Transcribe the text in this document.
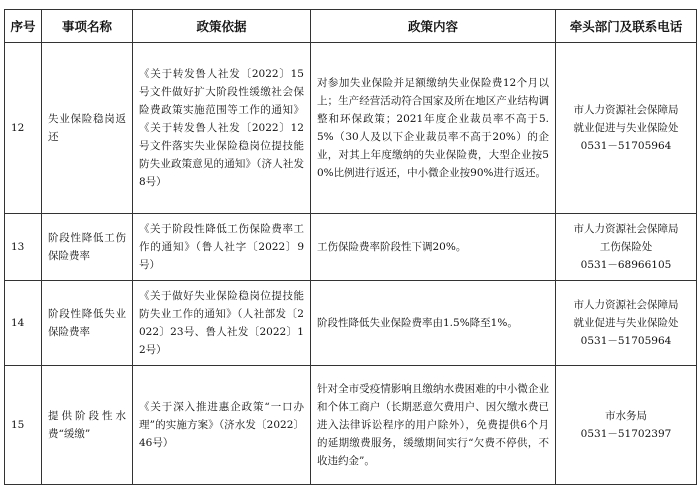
序号	事项名称	政策依据	政策内容	牵头部门及联系电话
12	失业保险稳岗返还	《关于转发鲁人社发〔2022〕15号文件做好扩大阶段性缓缴社会保险费政策实施范围等工作的通知》《关于转发鲁人社发〔2022〕12号文件落实失业保险稳岗位提技能防失业政策意见的通知》（济人社发8号）	对参加失业保险并足额缴纳失业保险费12个月以上；生产经营活动符合国家及所在地区产业结构调整和环保政策；2021年度企业裁员率不高于5.5%（30人及以下企业裁员率不高于20%）的企业，对其上年度缴纳的失业保险费，大型企业按50%比例进行返还，中小微企业按90%进行返还。	市人力资源社会保障局
就业促进与失业保险处
0531－51705964

13	阶段性降低工伤保险费率	《关于阶段性降低工伤保险费率工作的通知》（鲁人社字〔2022〕9号）	工伤保险费率阶段性下调20%。	市人力资源社会保障局
工伤保险处
0531－68966105

14	阶段性降低失业保险费率	《关于做好失业保险稳岗位提技能防失业工作的通知》（人社部发〔2022〕23号、鲁人社发〔2022〕12号）	阶段性降低失业保险费率由1.5%降至1%。	市人力资源社会保障局
就业促进与失业保险处
0531－51705964

15	提供阶段性水费“缓缴”	《关于深入推进惠企政策“一口办理”的实施方案》（济水发〔2022〕46号）	针对全市受疫情影响且缴纳水费困难的中小微企业和个体工商户（长期恶意欠费用户、因欠缴水费已进入法律诉讼程序的用户除外），免费提供6个月的延期缴费服务，缓缴期间实行“欠费不停供，不收违约金”。	市水务局
0531－51702397
